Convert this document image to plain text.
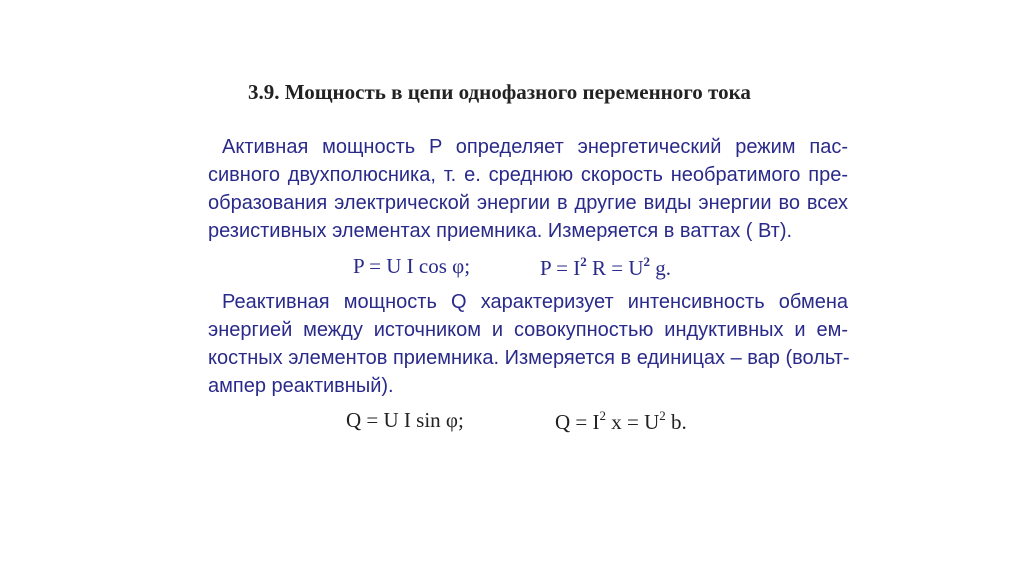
3.9. Мощность в цепи однофазного переменного тока

Активная мощность P определяет энергетический режим пас-
сивного двухполюсника, т. е. среднюю скорость необратимого пре-
образования электрической энергии в другие виды энергии во всех
резистивных элементах приемника. Измеряется в ваттах ( Вт).

P = U I cos φ;	$P = I^2$ $R = U^2$ g.

Реактивная мощность Q характеризует интенсивность обмена
энергией между источником и совокупностью индуктивных и ем-
костных элементов приемника. Измеряется в единицах – вар (вольт-
ампер реактивный).

Q = U I sin φ;	$Q = I^2$ $x = U^2$ b.
